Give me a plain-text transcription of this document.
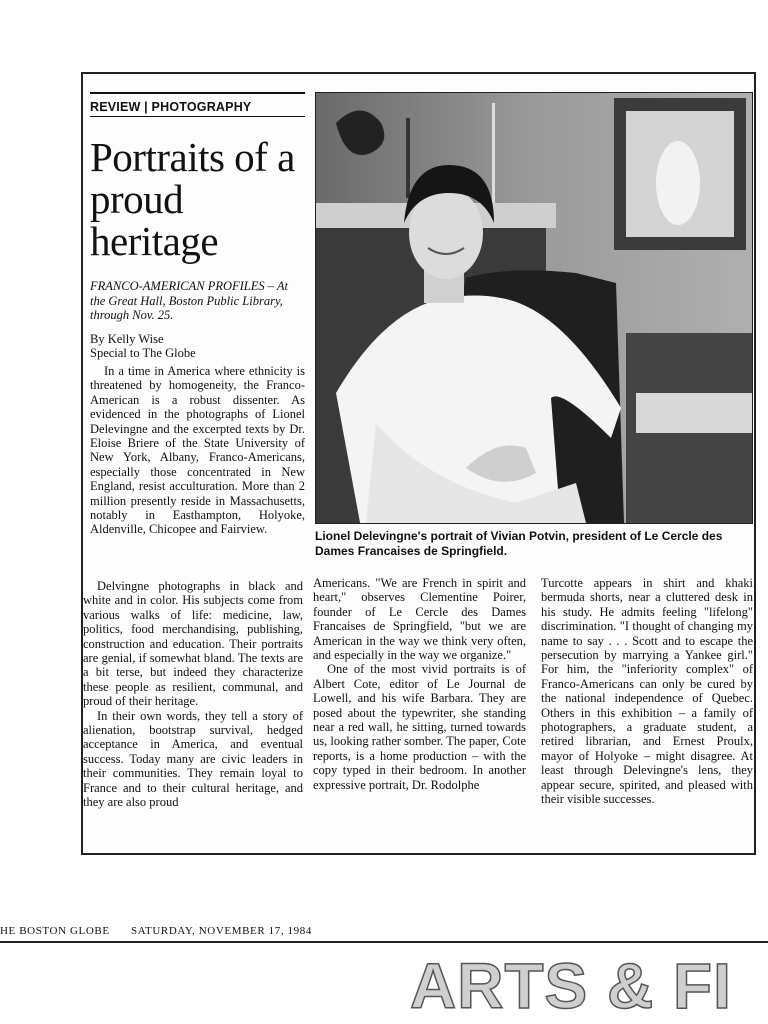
REVIEW | PHOTOGRAPHY
Portraits of a proud heritage
FRANCO-AMERICAN PROFILES – At the Great Hall, Boston Public Library, through Nov. 25.
By Kelly Wise
Special to The Globe

In a time in America where ethnicity is threatened by homogeneity, the Franco-American is a robust dissenter. As evidenced in the photographs of Lionel Delevingne and the excerpted texts by Dr. Eloise Briere of the State University of New York, Albany, Franco-Americans, especially those concentrated in New England, resist acculturation. More than 2 million presently reside in Massachusetts, notably in Easthampton, Holyoke, Aldenville, Chicopee and Fairview.

Delvingne photographs in black and white and in color. His subjects come from various walks of life: medicine, law, politics, food merchandising, publishing, construction and education. Their portraits are genial, if somewhat bland. The texts are a bit terse, but indeed they characterize these people as resilient, communal, and proud of their heritage.

In their own words, they tell a story of alienation, bootstrap survival, hedged acceptance in America, and eventual success. Today many are civic leaders in their communities. They remain loyal to France and to their cultural heritage, and they are also proud

Lionel Delevingne's portrait of Vivian Potvin, president of Le Cercle des Dames Francaises de Springfield.

Americans. "We are French in spirit and heart," observes Clementine Poirer, founder of Le Cercle des Dames Francaises de Springfield, "but we are American in the way we think very often, and especially in the way we organize."

One of the most vivid portraits is of Albert Cote, editor of Le Journal de Lowell, and his wife Barbara. They are posed about the typewriter, she standing near a red wall, he sitting, turned towards us, looking rather somber. The paper, Cote reports, is a home production – with the copy typed in their bedroom. In another expressive portrait, Dr. Rodolphe

Turcotte appears in shirt and khaki bermuda shorts, near a cluttered desk in his study. He admits feeling "lifelong" discrimination. "I thought of changing my name to say . . . Scott and to escape the persecution by marrying a Yankee girl." For him, the "inferiority complex" of Franco-Americans can only be cured by the national independence of Quebec. Others in this exhibition – a family of photographers, a graduate student, a retired librarian, and Ernest Proulx, mayor of Holyoke – might disagree. At least through Delevingne's lens, they appear secure, spirited, and pleased with their visible successes.

HE BOSTON GLOBE SATURDAY, NOVEMBER 17, 1984
ARTS & FI
